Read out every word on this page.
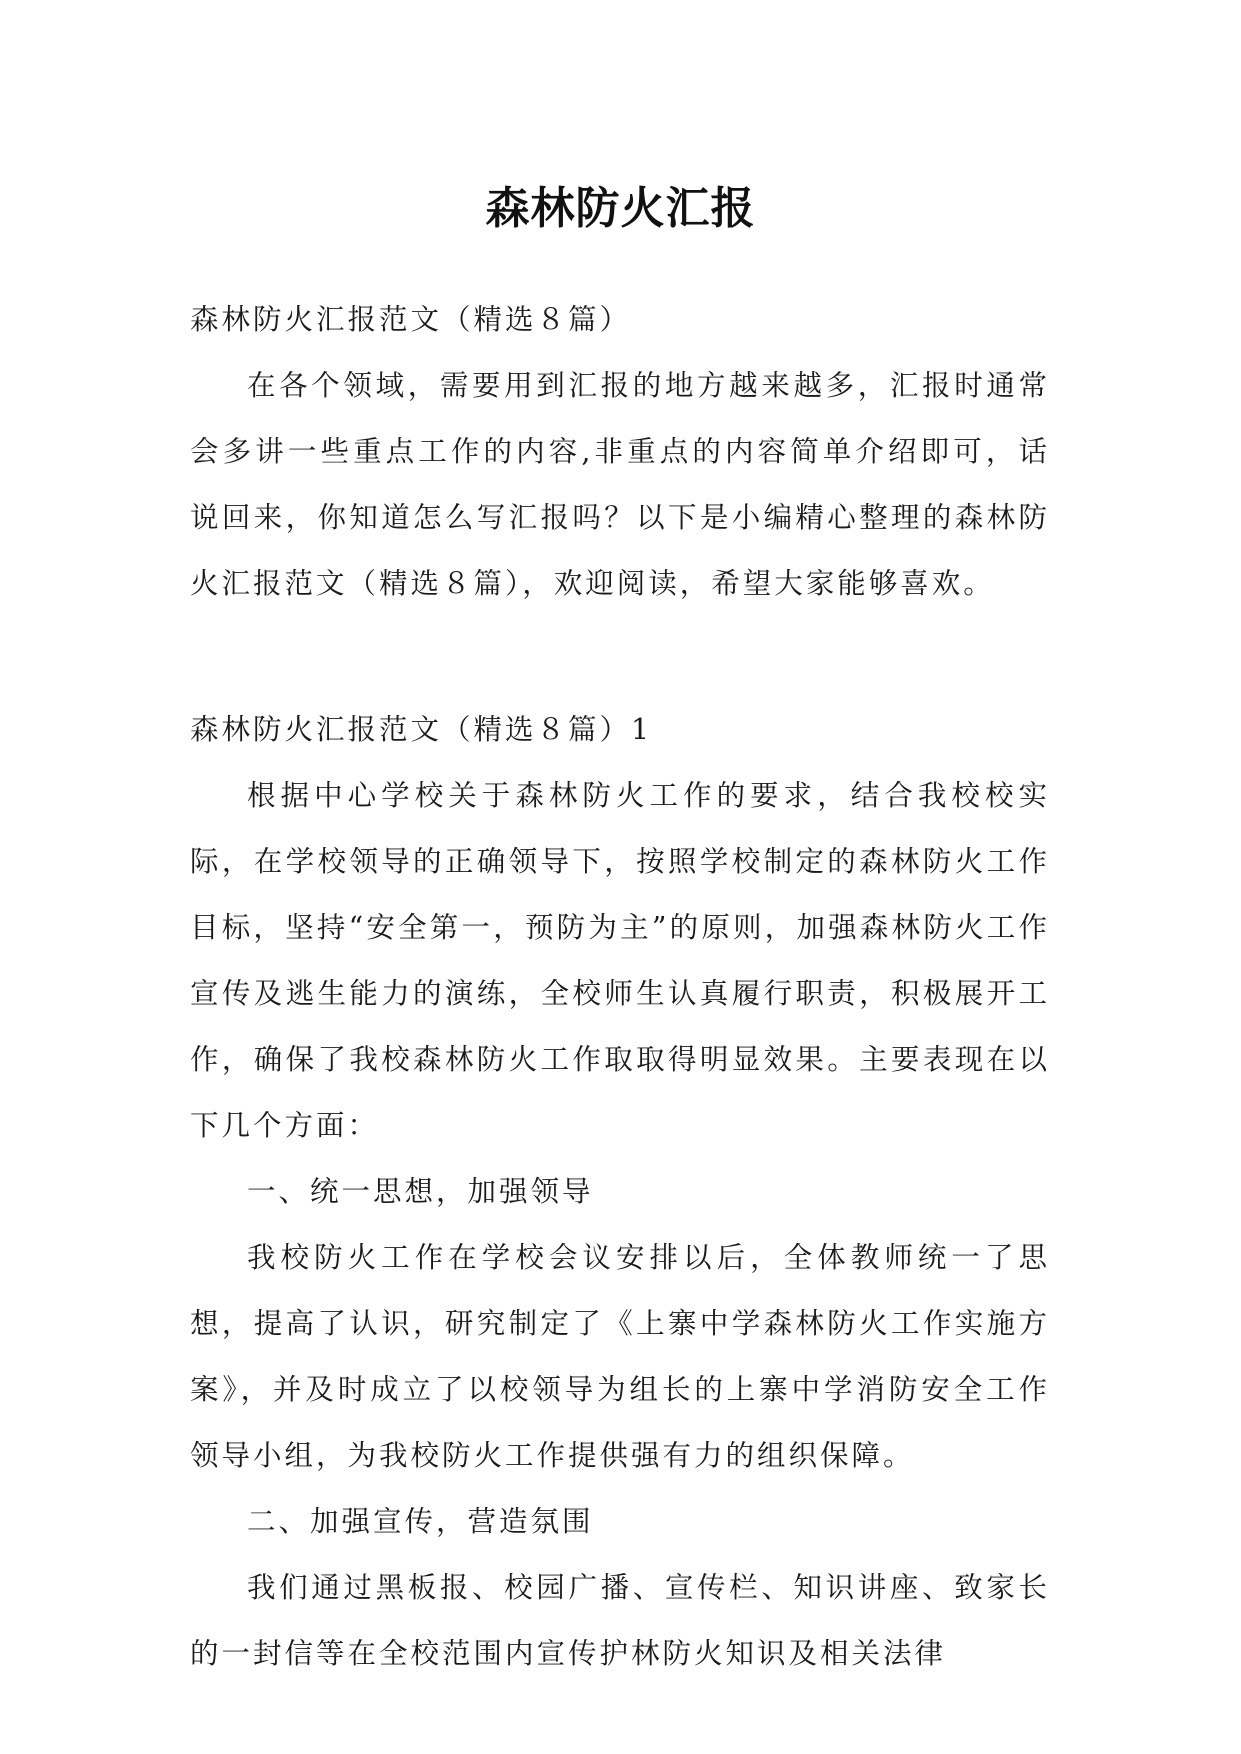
森林防火汇报

森林防火汇报范文（精选８篇）

在各个领域，需要用到汇报的地方越来越多，汇报时通常会多讲一些重点工作的内容,非重点的内容简单介绍即可，话说回来，你知道怎么写汇报吗？以下是小编精心整理的森林防火汇报范文（精选８篇），欢迎阅读，希望大家能够喜欢。

森林防火汇报范文（精选８篇）1

根据中心学校关于森林防火工作的要求，结合我校校实际，在学校领导的正确领导下，按照学校制定的森林防火工作目标，坚持“安全第一，预防为主”的原则，加强森林防火工作宣传及逃生能力的演练，全校师生认真履行职责，积极展开工作，确保了我校森林防火工作取取得明显效果。主要表现在以下几个方面：

一、统一思想，加强领导

我校防火工作在学校会议安排以后，全体教师统一了思想，提高了认识，研究制定了《上寨中学森林防火工作实施方案》，并及时成立了以校领导为组长的上寨中学消防安全工作领导小组，为我校防火工作提供强有力的组织保障。

二、加强宣传，营造氛围

我们通过黑板报、校园广播、宣传栏、知识讲座、致家长的一封信等在全校范围内宣传护林防火知识及相关法律
